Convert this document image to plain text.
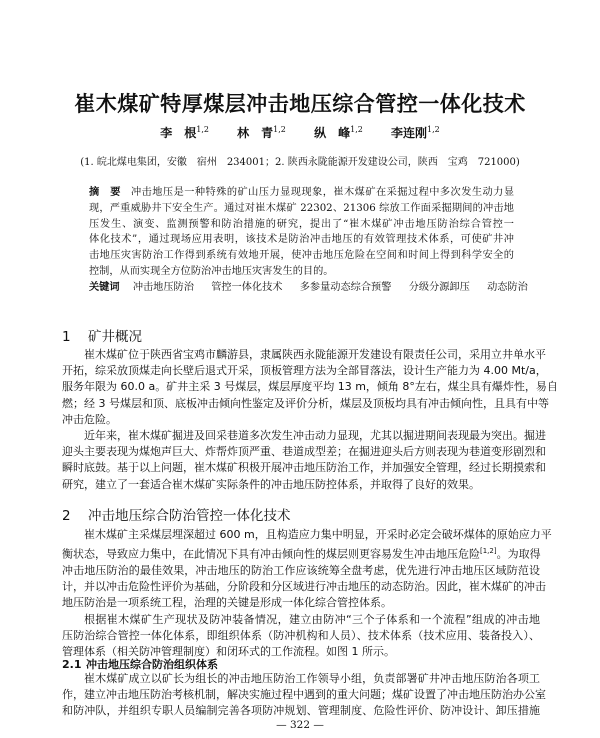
崔木煤矿特厚煤层冲击地压综合管控一体化技术
李　根$^{1,2}$ 林　青$^{1,2}$ 纵　峰$^{1,2}$ 李连刚$^{1,2}$
(1. 皖北煤电集团，安徽　宿州　234001；2. 陕西永陇能源开发建设公司，陕西　宝鸡　721000)
摘　要 冲击地压是一种特殊的矿山压力显现现象，崔木煤矿在采掘过程中多次发生动力显
现，严重威胁井下安全生产。通过对崔木煤矿 22302、21306 综放工作面采掘期间的冲击地
压发生、演变、监测预警和防治措施的研究，提出了“崔木煤矿冲击地压防治综合管控一
体化技术”，通过现场应用表明，该技术是防治冲击地压的有效管理技术体系，可使矿井冲
击地压灾害防治工作得到系统有效地开展，使冲击地压危险在空间和时间上得到科学安全的
控制，从而实现全方位防治冲击地压灾害发生的目的。
关键词 冲击地压防治 管控一体化技术 多参量动态综合预警 分级分源卸压 动态防治
1 矿井概况
崔木煤矿位于陕西省宝鸡市麟游县，隶属陕西永陇能源开发建设有限责任公司，采用立井单水平
开拓，综采放顶煤走向长壁后退式开采，顶板管理方法为全部冒落法，设计生产能力为 4.00 Mt/a，
服务年限为 60.0 a。矿井主采 3 号煤层，煤层厚度平均 13 m，倾角 8°左右，煤尘具有爆炸性，易自
燃；经 3 号煤层和顶、底板冲击倾向性鉴定及评价分析，煤层及顶板均具有冲击倾向性，且具有中等
冲击危险。
近年来，崔木煤矿掘进及回采巷道多次发生冲击动力显现，尤其以掘进期间表现最为突出。掘进
迎头主要表现为煤炮声巨大、炸帮炸顶严重、巷道成型差；在掘进迎头后方则表现为巷道变形剧烈和
瞬时底鼓。基于以上问题，崔木煤矿积极开展冲击地压防治工作，并加强安全管理，经过长期摸索和
研究，建立了一套适合崔木煤矿实际条件的冲击地压防控体系，并取得了良好的效果。
2 冲击地压综合防治管控一体化技术
崔木煤矿主采煤层埋深超过 600 m，且构造应力集中明显，开采时必定会破坏煤体的原始应力平
衡状态，导致应力集中，在此情况下具有冲击倾向性的煤层则更容易发生冲击地压危险[1,2]。为取得
冲击地压防治的最佳效果，冲击地压的防治工作应该统筹全盘考虑，优先进行冲击地压区域防范设
计，并以冲击危险性评价为基础，分阶段和分区域进行冲击地压的动态防治。因此，崔木煤矿的冲击
地压防治是一项系统工程，治理的关键是形成一体化综合管控体系。
根据崔木煤矿生产现状及防冲装备情况，建立由防冲“三个子体系和一个流程”组成的冲击地
压防治综合管控一体化体系，即组织体系（防冲机构和人员）、技术体系（技术应用、装备投入）、
管理体系（相关防冲管理制度）和闭环式的工作流程。如图 1 所示。
2.1 冲击地压综合防治组织体系
崔木煤矿成立以矿长为组长的冲击地压防治工作领导小组，负责部署矿井冲击地压防治各项工
作，建立冲击地压防治考核机制，解决实施过程中遇到的重大问题；煤矿设置了冲击地压防治办公室
和防冲队，并组织专职人员编制完善各项防冲规划、管理制度、危险性评价、防冲设计、卸压措施
— 322 —
